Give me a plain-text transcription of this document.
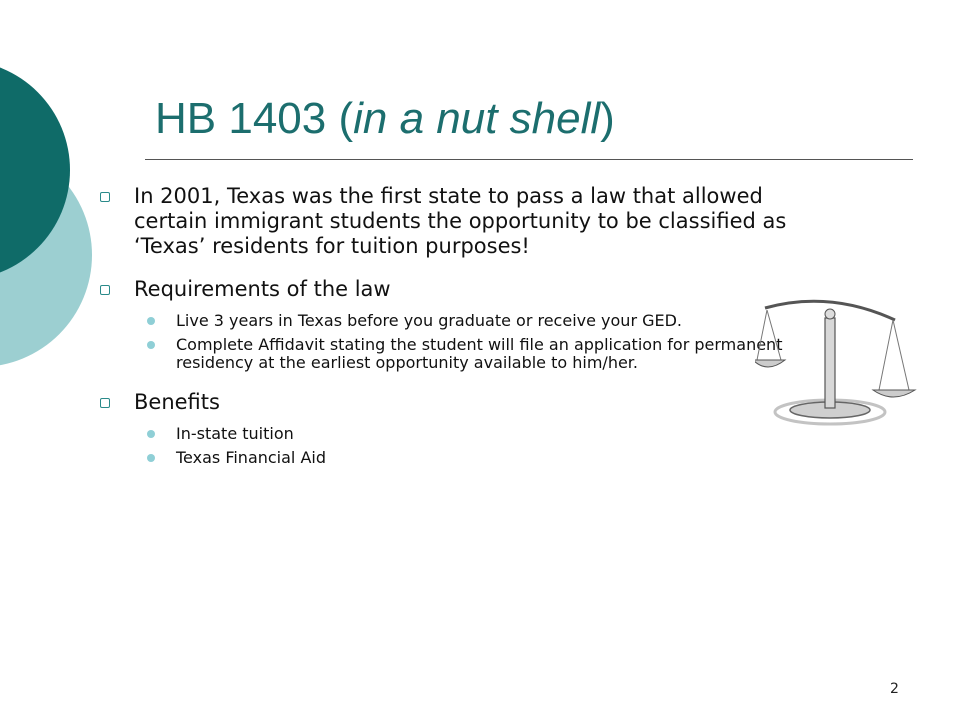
HB 1403 (in a nut shell)
In 2001, Texas was the first state to pass a law that allowed certain immigrant students the opportunity to be classified as ‘Texas’ residents for tuition purposes!
Requirements of the law
Live 3 years in Texas before you graduate or receive your GED.
Complete Affidavit stating the student will file an application for permanent residency at the earliest opportunity available to him/her.
Benefits
In-state tuition
Texas Financial Aid
2
